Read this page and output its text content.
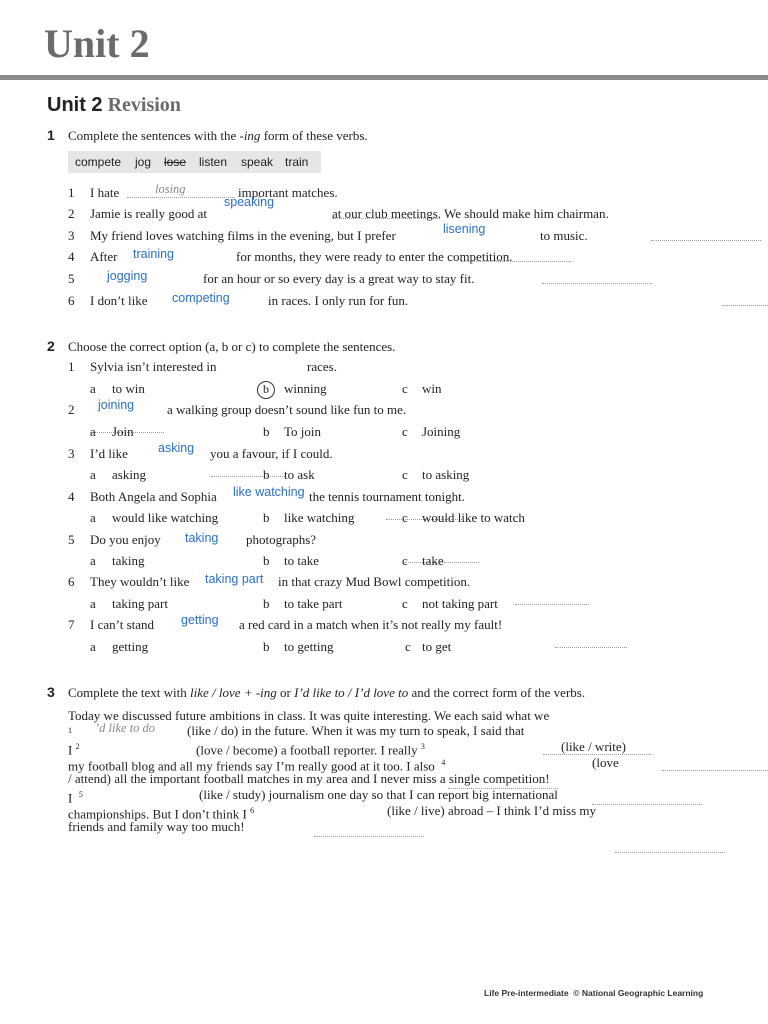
Unit 2
Unit 2 Revision
1 Complete the sentences with the -ing form of these verbs.
compete jog lose listen speak train
1 I hate
	losing	important matches.
2 Jamie is really good at

speaking
at our club meetings. We should make him chairman.
3 My friend loves watching films in the evening, but I prefer
	lisening	to music.
4 After
training	for months, they were ready to enter the competition.
5
	jogging	for an hour or so every day is a great way to stay fit.
6 I don’t like
competing	in races. I only run for fun.
2 Choose the correct option (a, b or c) to complete the sentences.
1 Sylvia isn’t interested in
	races.
a to win	b	winning	c win
2
joining	a walking group doesn’t sound like fun to me.
a Join	b To join	c Joining
3 I’d like
asking you a favour, if I could.
a asking	b to ask	c to asking
4 Both Angela and Sophia
like watching the tennis tournament tonight.
a would like watching	b like watching	c would like to watch
5 Do you enjoy
taking photographs?
a taking	b to take	c take
6 They wouldn’t like
taking part in that crazy Mud Bowl competition.
a taking part	b to take part	c not taking part
7 I can’t stand
getting a red card in a match when it’s not really my fault!
a getting	b to getting	c to get
3 Complete the text with like / love + -ing or I’d like to / I’d love to and the correct form of the verbs.
Today we discussed future ambitions in class. It was quite interesting. We each said what we
$^1$
’d like to do (like / do) in the future. When it was my turn to speak, I said that
I $^2$
	(love / become) a football reporter. I really $^3$
	(like / write)
my football blog and all my friends say I’m really good at it too. I also $^4$
	(love
/ attend) all the important football matches in my area and I never miss a single competition!
I $^5$
	(like / study) journalism one day so that I can report big international
championships. But I don’t think I $^6$	(like / live) abroad – I think I’d miss my
friends and family way too much!
Life Pre-intermediate © National Geographic Learning
